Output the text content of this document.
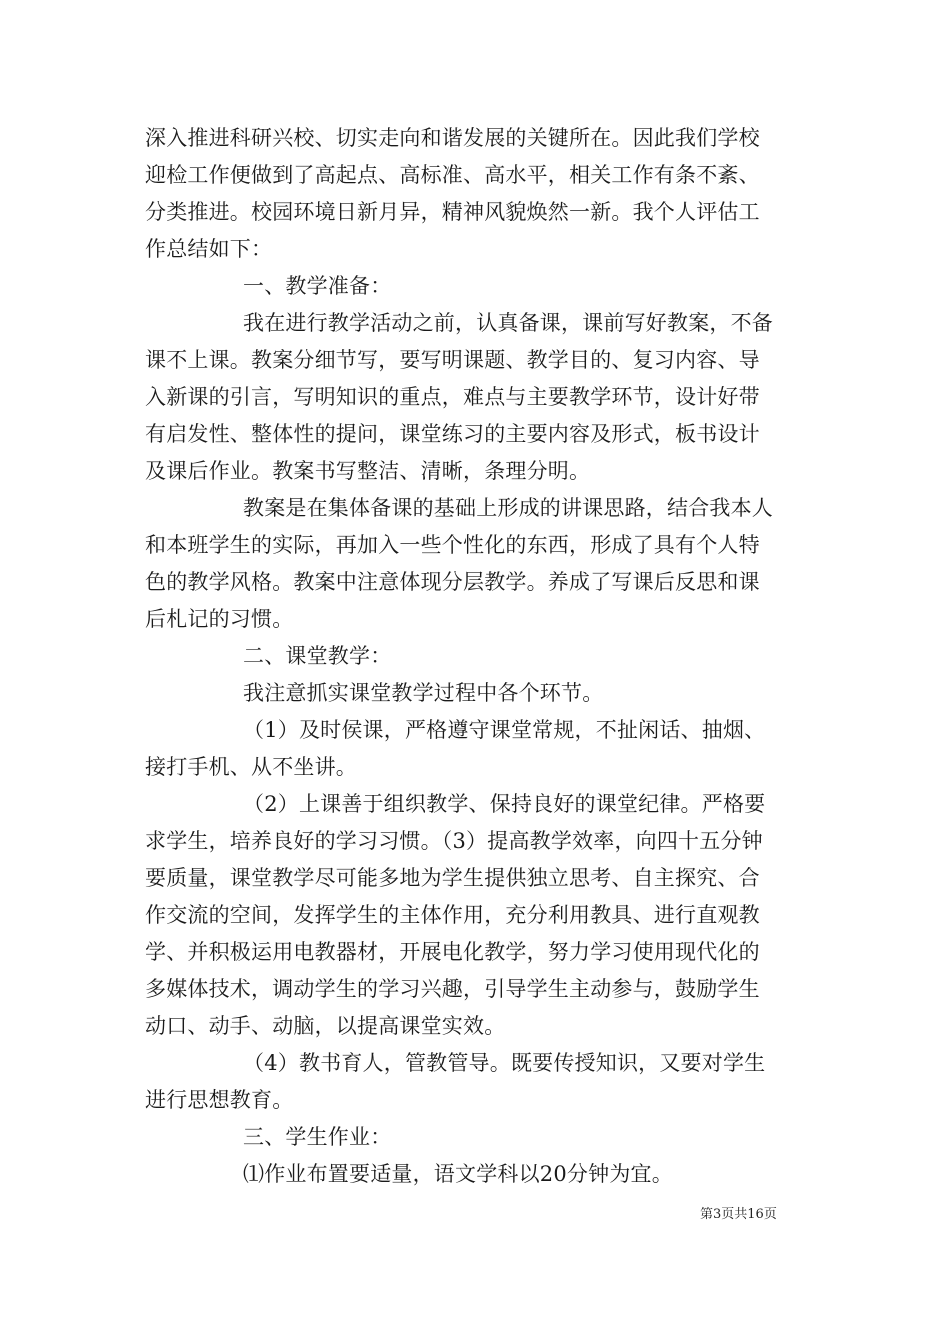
深入推进科研兴校、切实走向和谐发展的关键所在。因此我们学校
迎检工作便做到了高起点、高标准、高水平，相关工作有条不紊、
分类推进。校园环境日新月异，精神风貌焕然一新。我个人评估工
作总结如下：
一、教学准备：
我在进行教学活动之前，认真备课，课前写好教案，不备
课不上课。教案分细节写，要写明课题、教学目的、复习内容、导
入新课的引言，写明知识的重点，难点与主要教学环节，设计好带
有启发性、整体性的提问，课堂练习的主要内容及形式，板书设计
及课后作业。教案书写整洁、清晰，条理分明。
教案是在集体备课的基础上形成的讲课思路，结合我本人
和本班学生的实际，再加入一些个性化的东西，形成了具有个人特
色的教学风格。教案中注意体现分层教学。养成了写课后反思和课
后札记的习惯。
二、课堂教学：
我注意抓实课堂教学过程中各个环节。
（1）及时侯课，严格遵守课堂常规，不扯闲话、抽烟、
接打手机、从不坐讲。
（2）上课善于组织教学、保持良好的课堂纪律。严格要
求学生，培养良好的学习习惯。（3）提高教学效率，向四十五分钟
要质量，课堂教学尽可能多地为学生提供独立思考、自主探究、合
作交流的空间，发挥学生的主体作用，充分利用教具、进行直观教
学、并积极运用电教器材，开展电化教学，努力学习使用现代化的
多媒体技术，调动学生的学习兴趣，引导学生主动参与，鼓励学生
动口、动手、动脑，以提高课堂实效。
（4）教书育人，管教管导。既要传授知识，又要对学生
进行思想教育。
三、学生作业：
⑴作业布置要适量，语文学科以20分钟为宜。
第3页共16页
